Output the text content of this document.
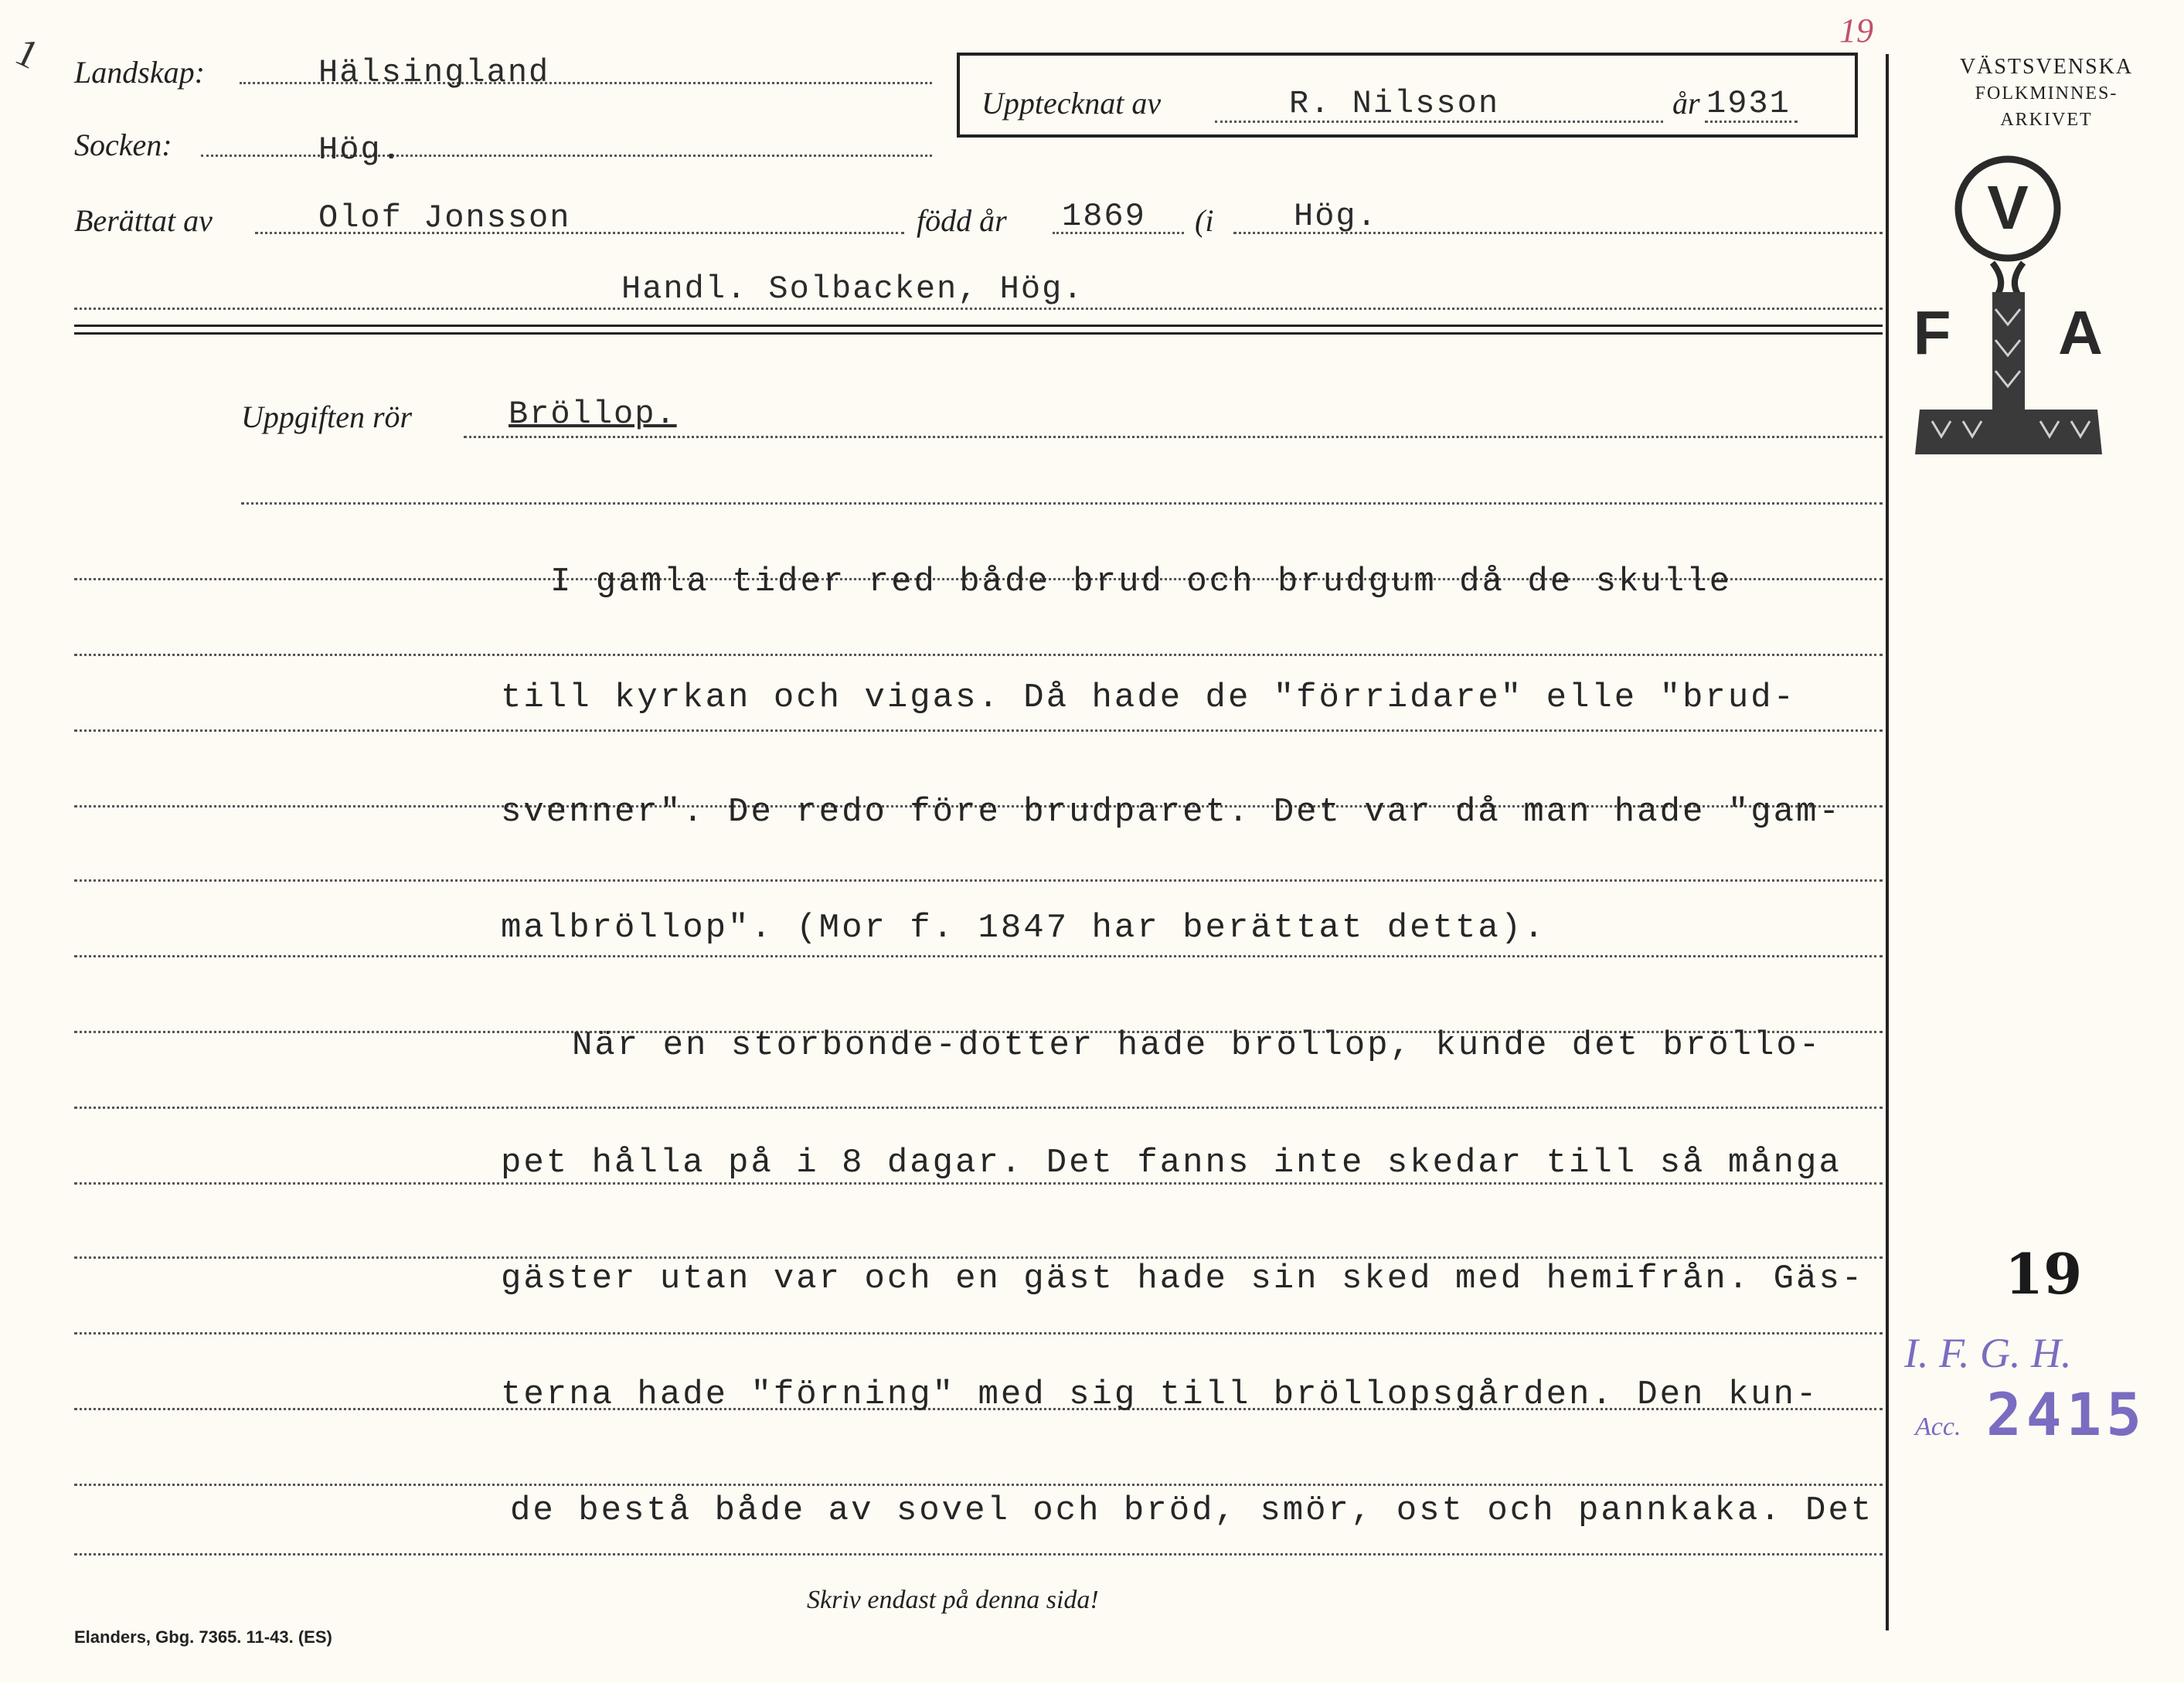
1	19
Landskap:	Hälsingland
Socken:	Hög.
Upptecknat av	R. Nilsson	år 1931
Berättat av	Olof Jonsson	född år 1869 (i Hög.
Handl. Solbacken, Hög.
Uppgiften rör	Bröllop.
I gamla tider red både brud och brudgum då de skulle
till kyrkan och vigas. Då hade de "förridare" elle "brud-
svenner". De redo före brudparet. Det var då man hade "gam-
malbröllop". (Mor f. 1847 har berättat detta).
När en storbonde-dotter hade bröllop, kunde det bröllo-
pet hålla på i 8 dagar. Det fanns inte skedar till så många
gäster utan var och en gäst hade sin sked med hemifrån. Gäs-
terna hade "förning" med sig till bröllopsgården. Den kun-
de bestå både av sovel och bröd, smör, ost och pannkaka. Det
Skriv endast på denna sida!
Elanders, Gbg. 7365. 11-43. (ES)
VÄSTSVENSKA
FOLKMINNES-
ARKIVET
V
F A
19
I. F. G. H.
Acc. 2415
